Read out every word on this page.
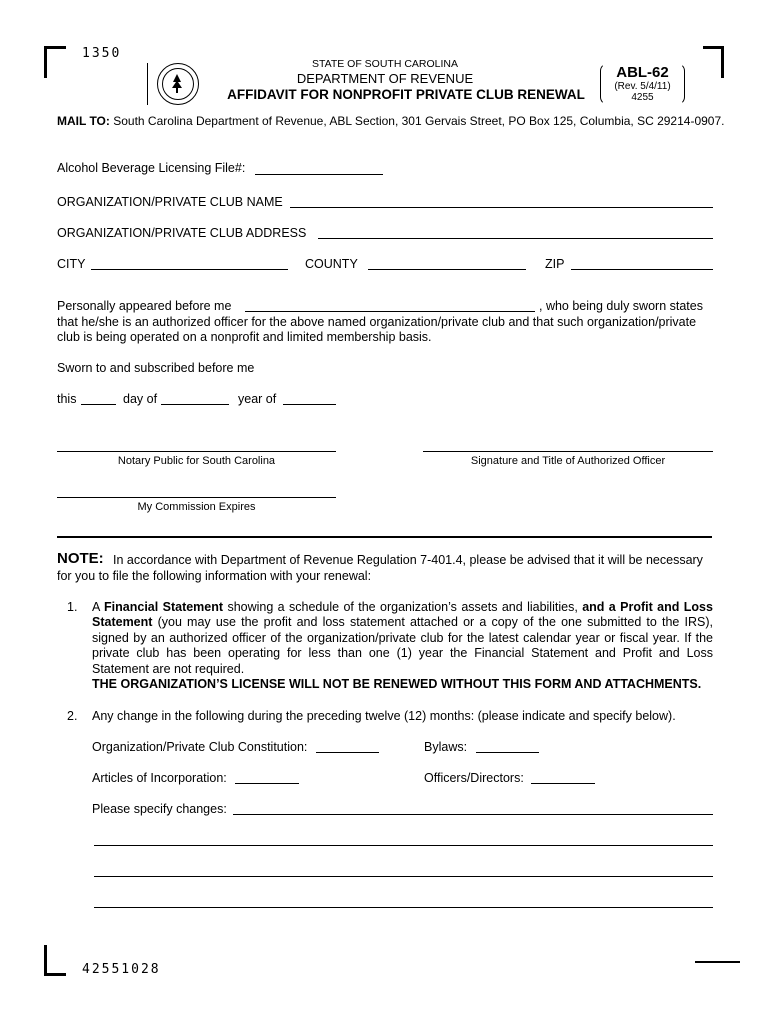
1350
STATE OF SOUTH CAROLINA
DEPARTMENT OF REVENUE
AFFIDAVIT FOR NONPROFIT PRIVATE CLUB RENEWAL
ABL-62
(Rev. 5/4/11)
4255
MAIL TO: South Carolina Department of Revenue, ABL Section, 301 Gervais Street, PO Box 125, Columbia, SC 29214-0907.
Alcohol Beverage Licensing File#:
ORGANIZATION/PRIVATE CLUB NAME
ORGANIZATION/PRIVATE CLUB ADDRESS
CITY	COUNTY	ZIP
Personally appeared before me	, who being duly sworn states
that he/she is an authorized officer for the above named organization/private club and that such organization/private
club is being operated on a nonprofit and limited membership basis.
Sworn to and subscribed before me
this	day of	year of
Notary Public for South Carolina	Signature and Title of Authorized Officer
My Commission Expires
NOTE: In accordance with Department of Revenue Regulation 7-401.4, please be advised that it will be necessary
for you to file the following information with your renewal:
1. A Financial Statement showing a schedule of the organization’s assets and liabilities, and a Profit and Loss
Statement (you may use the profit and loss statement attached or a copy of the one submitted to the IRS),
signed by an authorized officer of the organization/private club for the latest calendar year or fiscal year. If the
private club has been operating for less than one (1) year the Financial Statement and Profit and Loss
Statement are not required.
THE ORGANIZATION’S LICENSE WILL NOT BE RENEWED WITHOUT THIS FORM AND ATTACHMENTS.
2. Any change in the following during the preceding twelve (12) months: (please indicate and specify below).
Organization/Private Club Constitution:	Bylaws:
Articles of Incorporation:	Officers/Directors:
Please specify changes:
42551028
